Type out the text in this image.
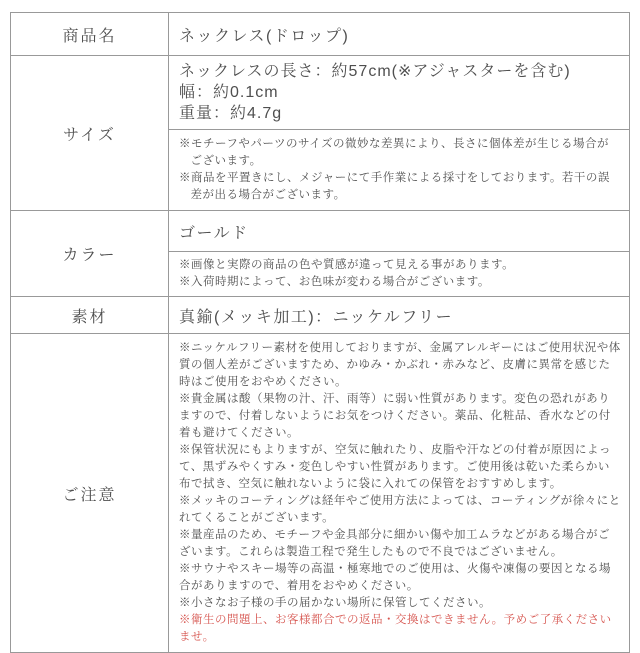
商品名	ネックレス(ドロップ)
サイズ
ネックレスの長さ：約57cm(※アジャスターを含む)
幅：約0.1cm
重量：約4.7g
※モチーフやパーツのサイズの微妙な差異により、長さに個体差が生じる場合がございます。
※商品を平置きにし、メジャーにて手作業による採寸をしております。若干の誤差が出る場合がございます。
カラー
ゴールド
※画像と実際の商品の色や質感が違って見える事があります。
※入荷時期によって、お色味が変わる場合がございます。
素材	真鍮(メッキ加工)：ニッケルフリー
ご注意
※ニッケルフリー素材を使用しておりますが、金属アレルギーにはご使用状況や体質の個人差がございますため、かゆみ・かぶれ・赤みなど、皮膚に異常を感じた時はご使用をおやめください。
※貴金属は酸（果物の汁、汗、雨等）に弱い性質があります。変色の恐れがありますので、付着しないようにお気をつけください。薬品、化粧品、香水などの付着も避けてください。
※保管状況にもよりますが、空気に触れたり、皮脂や汗などの付着が原因によって、黒ずみやくすみ・変色しやすい性質があります。ご使用後は乾いた柔らかい布で拭き、空気に触れないように袋に入れての保管をおすすめします。
※メッキのコーティングは経年やご使用方法によっては、コーティングが徐々にとれてくることがございます。
※量産品のため、モチーフや金具部分に細かい傷や加工ムラなどがある場合がございます。これらは製造工程で発生したもので不良ではございません。
※サウナやスキー場等の高温・極寒地でのご使用は、火傷や凍傷の要因となる場合がありますので、着用をおやめください。
※小さなお子様の手の届かない場所に保管してください。
※衛生の問題上、お客様都合での返品・交換はできません。予めご了承くださいませ。
